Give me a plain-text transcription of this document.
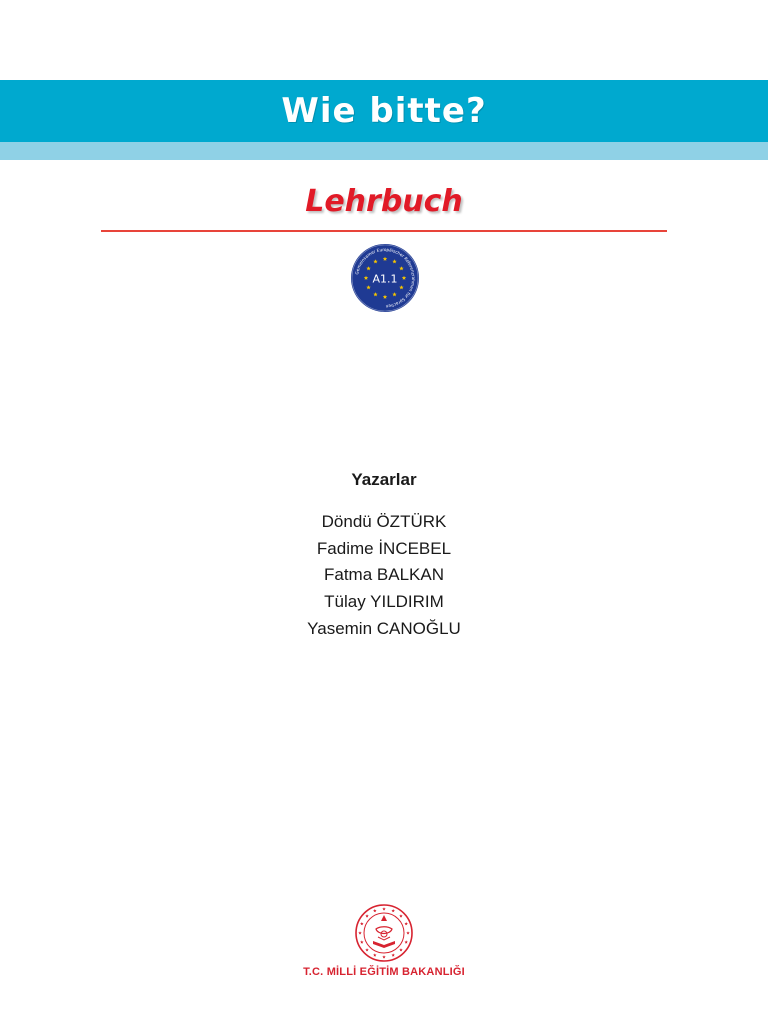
Wie bitte?
Lehrbuch
Gemeinsamer Europäischer Referenzrahmen für Sprachen
A1.1
Yazarlar
Döndü ÖZTÜRK
Fadime İNCEBEL
Fatma BALKAN
Tülay YILDIRIM
Yasemin CANOĞLU
T.C. MİLLİ EĞİTİM BAKANLIĞI
